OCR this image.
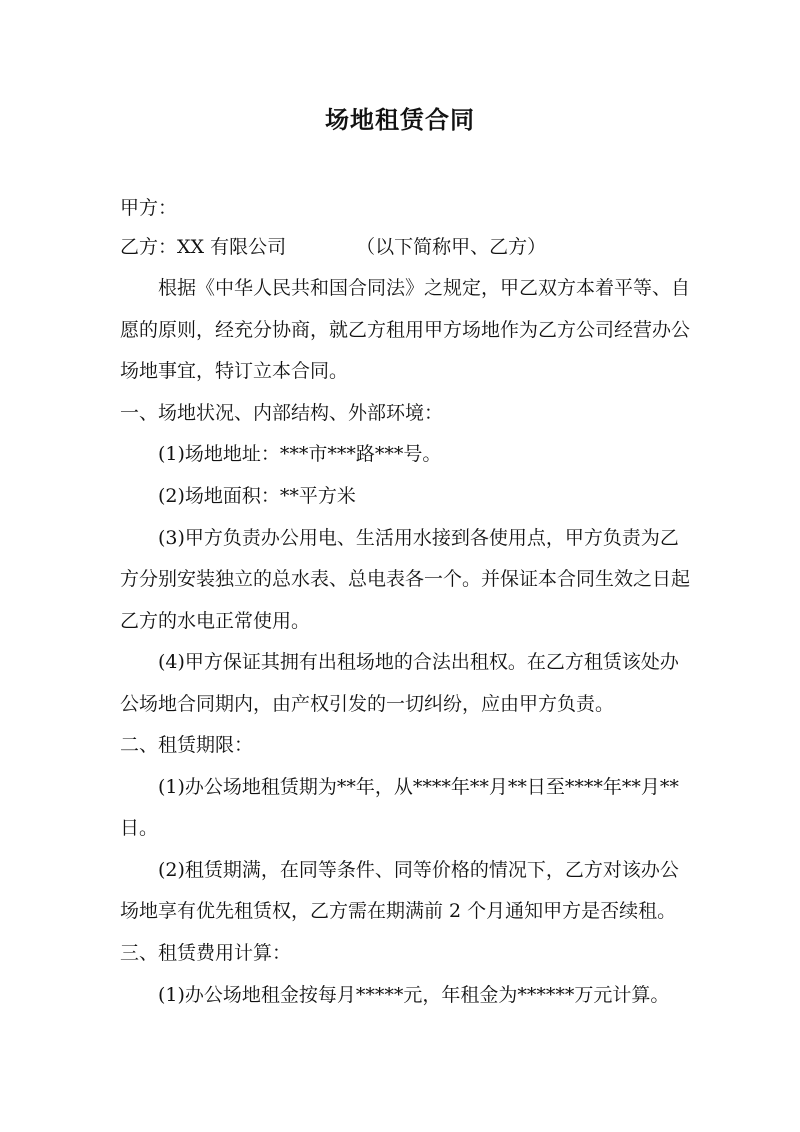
场地租赁合同
甲方：
乙方：XX 有限公司	（以下简称甲、乙方）
根据《中华人民共和国合同法》之规定，甲乙双方本着平等、自
愿的原则，经充分协商，就乙方租用甲方场地作为乙方公司经营办公
场地事宜，特订立本合同。
一、场地状况、内部结构、外部环境：
(1)场地地址：***市***路***号。
(2)场地面积：**平方米
(3)甲方负责办公用电、生活用水接到各使用点，甲方负责为乙
方分别安装独立的总水表、总电表各一个。并保证本合同生效之日起
乙方的水电正常使用。
(4)甲方保证其拥有出租场地的合法出租权。在乙方租赁该处办
公场地合同期内，由产权引发的一切纠纷，应由甲方负责。
二、租赁期限：
(1)办公场地租赁期为**年，从****年**月**日至****年**月**
日。
(2)租赁期满，在同等条件、同等价格的情况下，乙方对该办公
场地享有优先租赁权，乙方需在期满前 2 个月通知甲方是否续租。
三、租赁费用计算：
(1)办公场地租金按每月*****元，年租金为******万元计算。
